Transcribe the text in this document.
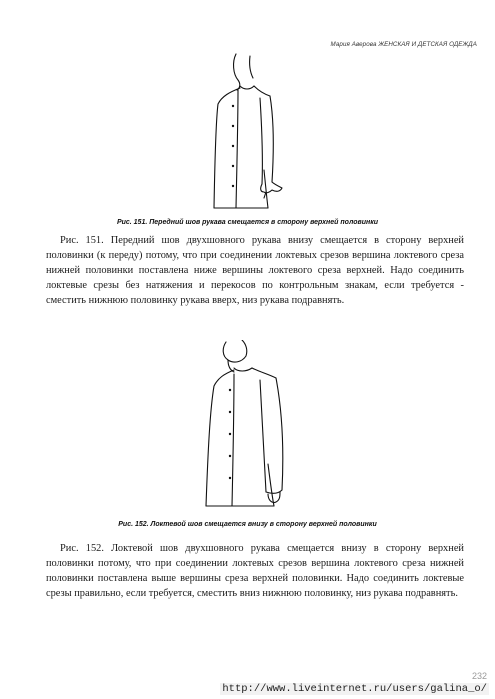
Мария Аверова ЖЕНСКАЯ И ДЕТСКАЯ ОДЕЖДА
Рис. 151. Передний шов рукава смещается в сторону верхней половинки

Рис. 151. Передний шов двухшовного рукава внизу смещается в сторону верхней половинки (к переду) потому, что при соединении локтевых срезов вершина локтевого среза нижней половинки поставлена ниже вершины локтевого среза верхней. Надо соединить локтевые срезы без натяжения и перекосов по контрольным знакам, если требуется - сместить нижнюю половинку рукава вверх, низ рукава подравнять.

Рис. 152. Локтевой шов смещается внизу в сторону верхней половинки

Рис. 152. Локтевой шов двухшовного рукава смещается внизу в сторону верхней половинки потому, что при соединении локтевых срезов вершина локтевого среза нижней половинки поставлена выше вершины среза верхней половинки. Надо соединить локтевые срезы правильно, если требуется, сместить вниз нижнюю половинку, низ рукава подравнять.

232
http://www.liveinternet.ru/users/galina_o/
